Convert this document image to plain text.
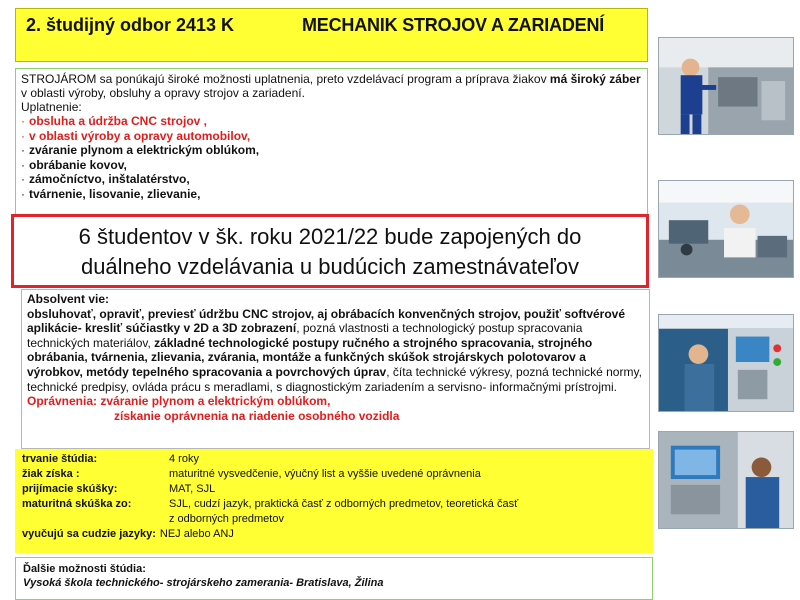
2. študijný odbor 2413 K	MECHANIK STROJOV A ZARIADENÍ
STROJÁROM sa ponúkajú široké možnosti uplatnenia, preto vzdelávací program a príprava žiakov má široký záber v oblasti výroby, obsluhy a opravy strojov a zariadení.
Uplatnenie:
· obsluha a údržba CNC strojov ,
· v oblasti výroby a opravy automobilov,
· zváranie plynom a elektrickým oblúkom,
· obrábanie kovov,
· zámočníctvo, inštalatérstvo,
· tvárnenie, lisovanie, zlievanie,
6 študentov v šk. roku 2021/22 bude zapojených do
duálneho vzdelávania u budúcich zamestnávateľov
Absolvent vie:
obsluhovať, opraviť, previesť údržbu CNC strojov, aj obrábacích konvenčných strojov, použiť softvérové aplikácie- kresliť súčiastky v 2D a 3D zobrazení, pozná vlastnosti a technologický postup spracovania technických materiálov, základné technologické postupy ručného a strojného spracovania, strojného obrábania, tvárnenia, zlievania, zvárania, montáže a funkčných skúšok strojárskych polotovarov a výrobkov, metódy tepelného spracovania a povrchových úprav, číta technické výkresy, pozná technické normy, technické predpisy, ovláda prácu s meradlami, s diagnostickým zariadením a servisno- informačnými prístrojmi.
Oprávnenia: zváranie plynom a elektrickým oblúkom,
získanie oprávnenia na riadenie osobného vozidla
trvanie štúdia:	4 roky
žiak získa :	maturitné vysvedčenie, výučný list a vyššie uvedené oprávnenia
prijímacie skúšky:	MAT, SJL
maturitná skúška zo:	SJL, cudzí jazyk, praktická časť z odborných predmetov, teoretická časť
z odborných predmetov
vyučujú sa cudzie jazyky: NEJ alebo ANJ
Ďalšie možnosti štúdia:
Vysoká škola technického- strojárskeho zamerania- Bratislava, Žilina
